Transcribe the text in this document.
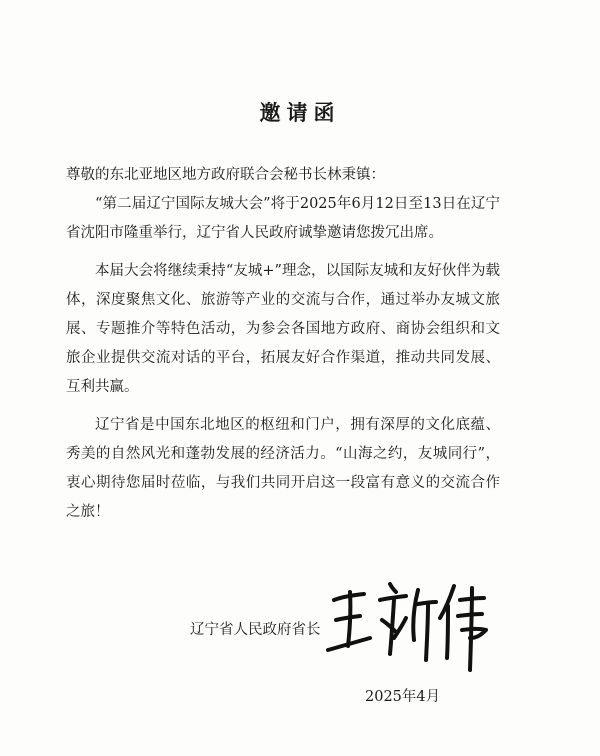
邀请函
尊敬的东北亚地区地方政府联合会秘书长林秉镇：

“第二届辽宁国际友城大会”将于2025年6月12日至13日在辽宁省沈阳市隆重举行，辽宁省人民政府诚挚邀请您拨冗出席。

本届大会将继续秉持“友城+”理念，以国际友城和友好伙伴为载体，深度聚焦文化、旅游等产业的交流与合作，通过举办友城文旅展、专题推介等特色活动，为参会各国地方政府、商协会组织和文旅企业提供交流对话的平台，拓展友好合作渠道，推动共同发展、互利共赢。

辽宁省是中国东北地区的枢纽和门户，拥有深厚的文化底蕴、秀美的自然风光和蓬勃发展的经济活力。“山海之约，友城同行”，衷心期待您届时莅临，与我们共同开启这一段富有意义的交流合作之旅！

辽宁省人民政府省长
2025年4月
